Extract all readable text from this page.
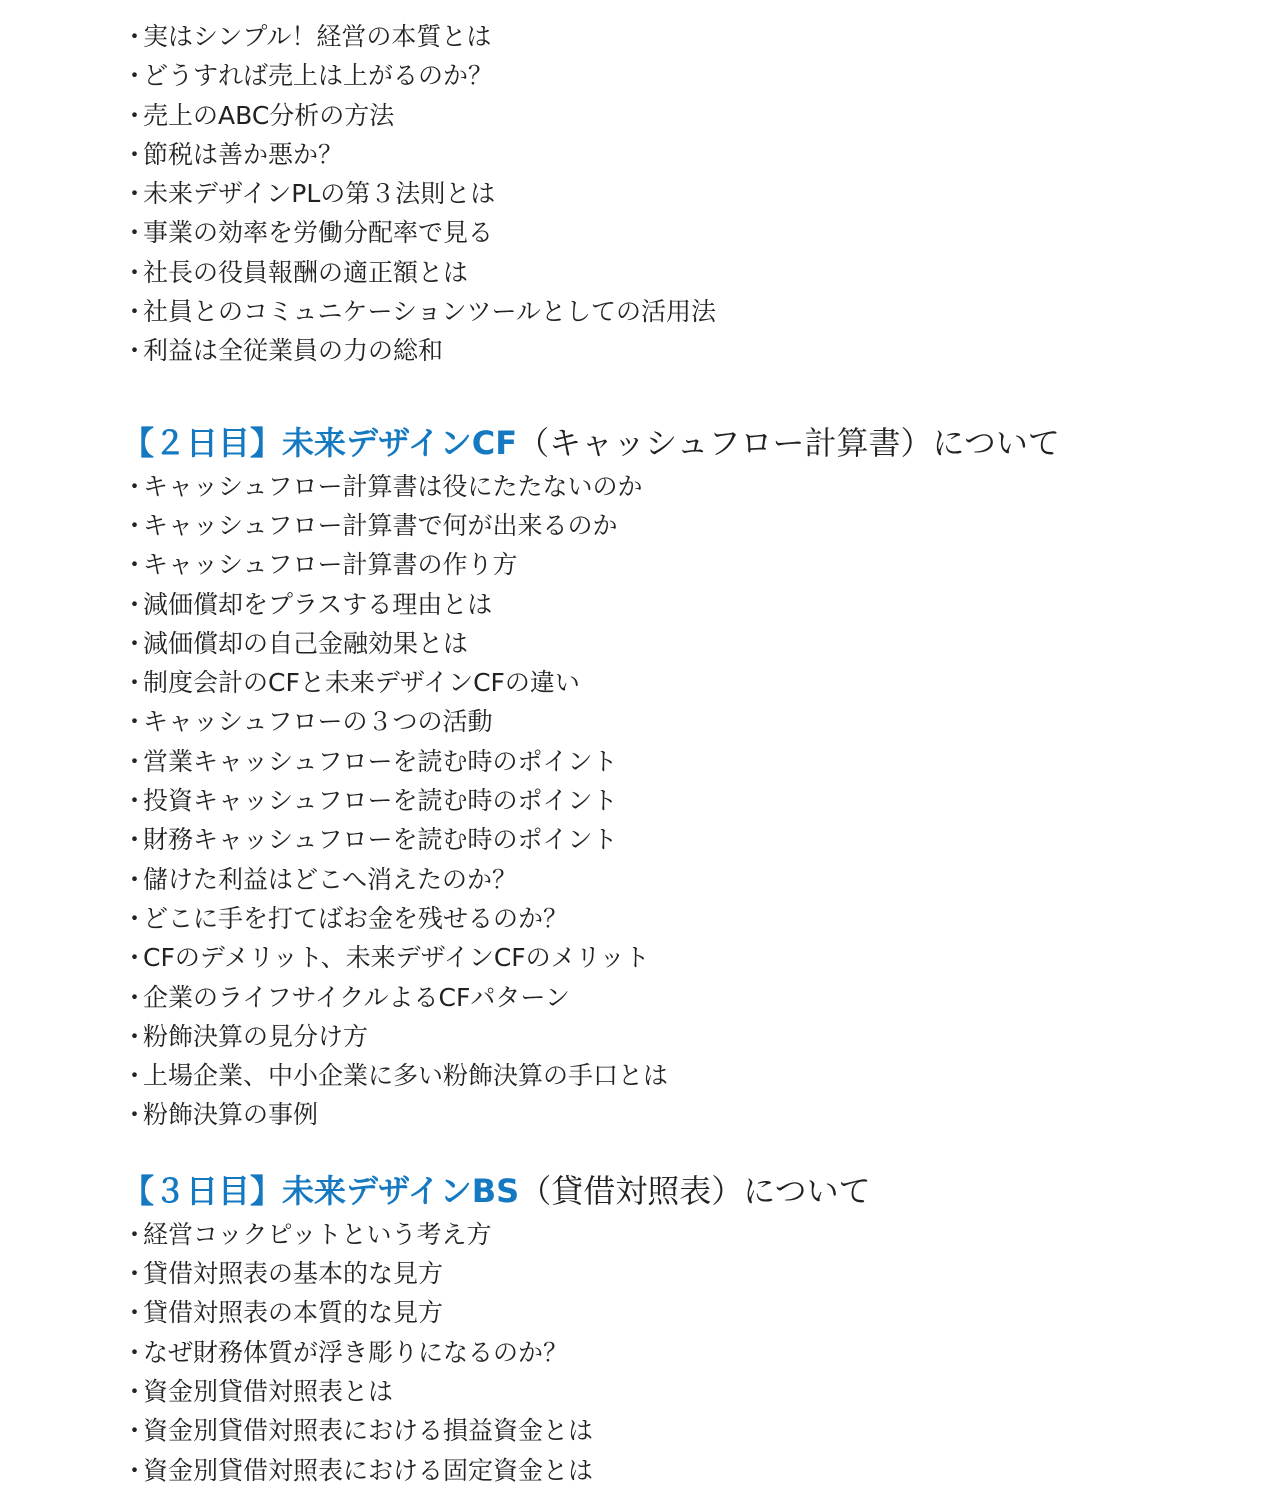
・実はシンプル！経営の本質とは
・どうすれば売上は上がるのか？
・売上のABC分析の方法
・節税は善か悪か？
・未来デザインPLの第３法則とは
・事業の効率を労働分配率で見る
・社長の役員報酬の適正額とは
・社員とのコミュニケーションツールとしての活用法
・利益は全従業員の力の総和
【２日目】未来デザインCF（キャッシュフロー計算書）について
・キャッシュフロー計算書は役にたたないのか
・キャッシュフロー計算書で何が出来るのか
・キャッシュフロー計算書の作り方
・減価償却をプラスする理由とは
・減価償却の自己金融効果とは
・制度会計のCFと未来デザインCFの違い
・キャッシュフローの３つの活動
・営業キャッシュフローを読む時のポイント
・投資キャッシュフローを読む時のポイント
・財務キャッシュフローを読む時のポイント
・儲けた利益はどこへ消えたのか？
・どこに手を打てばお金を残せるのか？
・CFのデメリット、未来デザインCFのメリット
・企業のライフサイクルよるCFパターン
・粉飾決算の見分け方
・上場企業、中小企業に多い粉飾決算の手口とは
・粉飾決算の事例
【３日目】未来デザインBS（貸借対照表）について
・経営コックピットという考え方
・貸借対照表の基本的な見方
・貸借対照表の本質的な見方
・なぜ財務体質が浮き彫りになるのか？
・資金別貸借対照表とは
・資金別貸借対照表における損益資金とは
・資金別貸借対照表における固定資金とは
